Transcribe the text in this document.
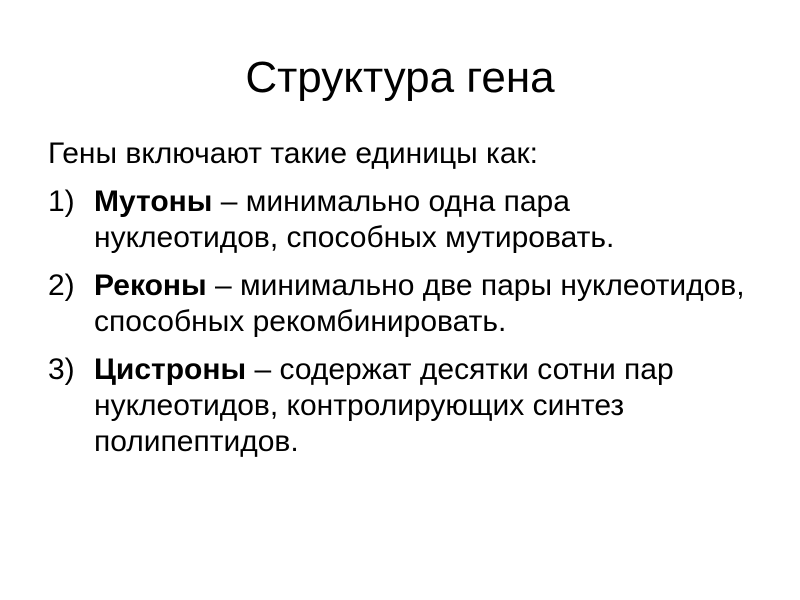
Структура гена

Гены включают такие единицы как:

1) Мутоны – минимально одна пара нуклеотидов, способных мутировать.
2) Реконы – минимально две пары нуклеотидов, способных рекомбинировать.
3) Цистроны – содержат десятки сотни пар нуклеотидов, контролирующих синтез полипептидов.
